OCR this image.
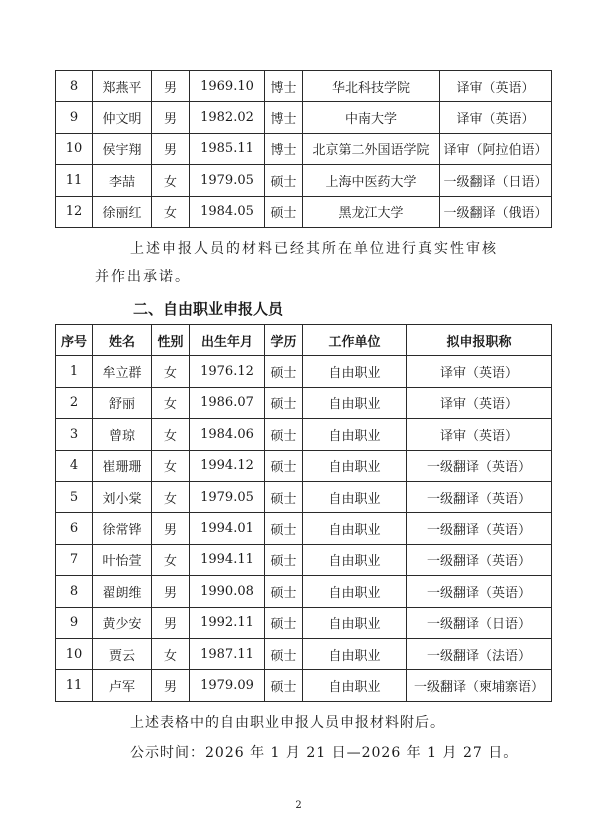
8	郑燕平	男	1969.10	博士	华北科技学院	译审（英语）
9	仲文明	男	1982.02	博士	中南大学	译审（英语）
10	侯宇翔	男	1985.11	博士	北京第二外国语学院	译审（阿拉伯语）
11	李喆	女	1979.05	硕士	上海中医药大学	一级翻译（日语）
12	徐丽红	女	1984.05	硕士	黑龙江大学	一级翻译（俄语）
上述申报人员的材料已经其所在单位进行真实性审核
并作出承诺。
二、自由职业申报人员
序号	姓名	性别	出生年月	学历	工作单位	拟申报职称
1	牟立群	女	1976.12	硕士	自由职业	译审（英语）
2	舒丽	女	1986.07	硕士	自由职业	译审（英语）
3	曾琼	女	1984.06	硕士	自由职业	译审（英语）
4	崔珊珊	女	1994.12	硕士	自由职业	一级翻译（英语）
5	刘小棠	女	1979.05	硕士	自由职业	一级翻译（英语）
6	徐常铧	男	1994.01	硕士	自由职业	一级翻译（英语）
7	叶怡萱	女	1994.11	硕士	自由职业	一级翻译（英语）
8	翟朗维	男	1990.08	硕士	自由职业	一级翻译（英语）
9	黄少安	男	1992.11	硕士	自由职业	一级翻译（日语）
10	贾云	女	1987.11	硕士	自由职业	一级翻译（法语）
11	卢军	男	1979.09	硕士	自由职业	一级翻译（柬埔寨语）
上述表格中的自由职业申报人员申报材料附后。
公示时间：2026 年 1 月 21 日—2026 年 1 月 27 日。
2
